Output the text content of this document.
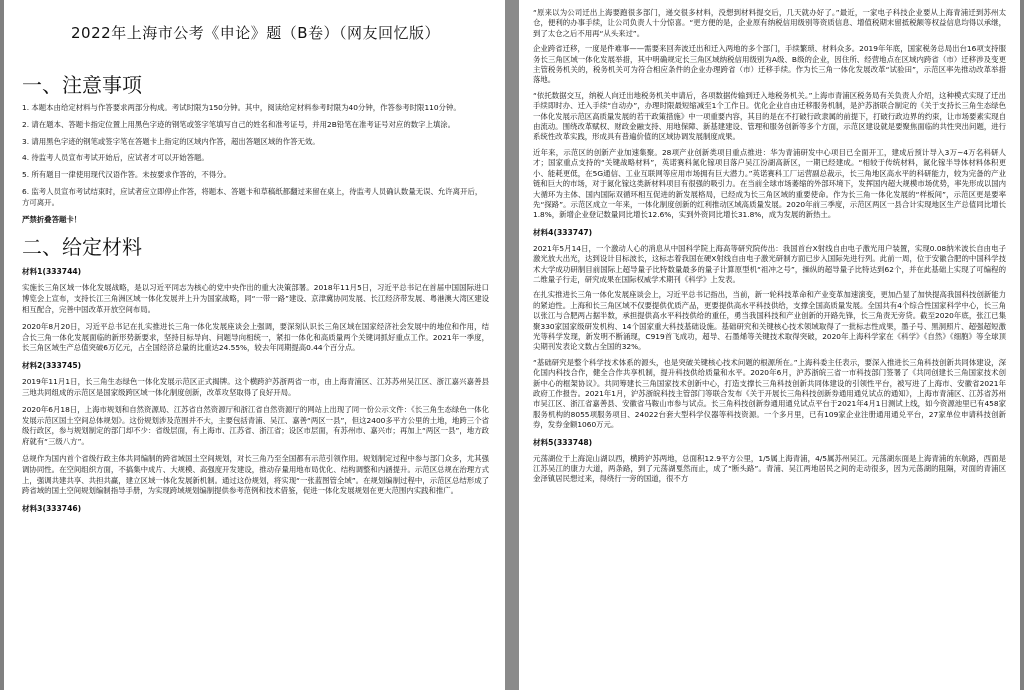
2022年上海市公考《申论》题（B卷）（网友回忆版）
一、注意事项
1. 本题本由给定材料与作答要求两部分构成。考试时限为150分钟。其中，阅读给定材料参考时限为40分钟，作答参考时限110分钟。
2. 请在题本、答题卡指定位置上用黑色字迹的钢笔或签字笔填写自己的姓名和准考证号，并用2B铅笔在准考证号对应的数字上填涂。
3. 请用黑色字迹的钢笔或签字笔在答题卡上指定的区域内作答，超出答题区域的作答无效。
4. 待监考人员宣布考试开始后，应试者才可以开始答题。
5. 所有题目一律使用现代汉语作答。未按要求作答的，不得分。
6. 监考人员宣布考试结束时，应试者应立即停止作答，将题本、答题卡和草稿纸都翻过来留在桌上，待监考人员确认数量无误、允许离开后，方可离开。
严禁折叠答题卡！
二、给定材料
材料1(333744)
实施长三角区域一体化发展战略，是以习近平同志为核心的党中央作出的重大决策部署。2018年11月5日，习近平总书记在首届中国国际进口博览会上宣布，支持长江三角洲区域一体化发展并上升为国家战略，同“一带一路”建设、京津冀协同发展、长江经济带发展、粤港澳大湾区建设相互配合，完善中国改革开放空间布局。
2020年8月20日，习近平总书记在扎实推进长三角一体化发展座谈会上强调，要深刻认识长三角区域在国家经济社会发展中的地位和作用，结合长三角一体化发展面临的新形势新要求，坚持目标导向、问题导向相统一，紧扣一体化和高质量两个关键词抓好重点工作。2021年一季度，长三角区域生产总值突破6万亿元，占全国经济总量的比重达24.55%，较去年同期提高0.44个百分点。
材料2(333745)
2019年11月1日，长三角生态绿色一体化发展示范区正式揭牌。这个横跨沪苏浙两省一市，由上海青浦区、江苏苏州吴江区、浙江嘉兴嘉善县三地共同组成的示范区是国家级跨区域一体化制度创新，改革攻坚取得了良好开局。
2020年6月18日，上海市规划和自然资源局、江苏省自然资源厅和浙江省自然资源厅的网站上出现了同一份公示文件：《长三角生态绿色一体化发展示范区国土空间总体规划》。这份规划涉及范围并不大，主要包括青浦、吴江、嘉善“两区一县”，但这2400多平方公里的土地，地跨三个省级行政区，参与规划制定的部门却不少：省级层面，有上海市、江苏省、浙江省；设区市层面，有苏州市、嘉兴市；再加上“两区一县”，地方政府就有“三级八方”。
总规作为国内首个省级行政主体共同编制的跨省域国土空间规划，对长三角乃至全国都有示范引领作用。规划制定过程中参与部门众多，尤其强调协同性。在空间组织方面，不搞集中成片、大规模、高强度开发建设，推动存量用地布局优化、结构调整和内涵提升。示范区总规在治理方式上，强调共建共享、共担共赢，建立区域一体化发展新机制。通过这份规划，将实现“一张蓝图管全域”。在规划编制过程中，示范区总结形成了跨省域的国土空间规划编制指导手册，为实现跨域规划编制提供参考范例和技术借鉴，促进一体化发展规划在更大范围内实践和推广。
材料3(333746)
“原来以为公司迁出上海要跑很多部门，递交很多材料，没想到材料提交后，几天就办好了。”最近，一家电子科技企业要从上海青浦迁到苏州太仓，便利的办事手续，让公司负责人十分惊喜。“更方便的是，企业原有纳税信用级别等资质信息、增值税期末留抵税额等权益信息均得以承继，到了太仓之后不用再“从头来过”。
企业跨省迁移，一度是件难事——需要来回奔波迁出和迁入两地的多个部门，手续繁琐、材料众多。2019年年底，国家税务总局出台16项支持服务长三角区域一体化发展举措，其中明确规定长三角区域纳税信用级别为A级、B级的企业，因住所、经营地点在区域内跨省（市）迁移涉及变更主管税务机关的，税务机关可为符合相应条件的企业办理跨省（市）迁移手续。作为长三角一体化发展改革“试验田”，示范区率先推动改革举措落地。
“依托数据交互，纳税人向迁出地税务机关申请后，各项数据传输到迁入地税务机关。”上海市青浦区税务局有关负责人介绍，这种模式实现了迁出手续即时办、迁入手续“自动办”，办理时限最短缩减至1个工作日。优化企业自由迁移服务机制，是沪苏浙联合制定的《关于支持长三角生态绿色一体化发展示范区高质量发展的若干政策措施》中一项重要内容，其目的是在不打破行政隶属的前提下，打破行政边界的约束，让市场要素实现自由流动。围绕改革赋权、财政金融支持、用地保障、新基建建设、管理和服务创新等多个方面，示范区建设就是要聚焦面临的共性突出问题，进行系统性改革实践，形成具有普遍价值的区域协调发展制度成果。
近年来，示范区的创新产业加速集聚。28项产业创新类项目重点推进：华为青浦研发中心项目已全面开工，建成后预计导入3万~4万名科研人才；国家重点支持的“关键战略材料”，英诺赛科氮化镓项目落户吴江汾湖高新区，一期已经建成。“相较于传统材料，氮化镓半导体材料体积更小、能耗更低，在5G通信、工业互联网等应用市场拥有巨大潜力。”英诺赛科工厂运营副总裁示，长三角地区高水平的科研能力，较为完备的产业链和巨大的市场，对于氮化镓这类新材料项目有很强的吸引力。在当前全球市场萎缩的外部环境下，发挥国内超大规模市场优势，率先形成以国内大循环为主体、国内国际双循环相互促进的新发展格局，已经成为长三角区域的重要使命。作为长三角一体化发展的“样板间”，示范区更是要率先“探路”。示范区成立一年来，一体化制度创新的红利推动区域高质量发展。2020年前三季度，示范区两区一县合计实现地区生产总值同比增长1.8%，新增企业登记数量同比增长12.6%，实到外资同比增长31.8%，成为发展的新热土。
材料4(333747)
2021年5月14日，一个激动人心的消息从中国科学院上海高等研究院传出：我国首台X射线自由电子激光用户装置，实现0.08纳米波长自由电子激光放大出光，达到设计目标波长，这标志着我国在硬X射线自由电子激光研制方面已步入国际先进行列。此前一周，位于安徽合肥的中国科学技术大学成功研制目前国际上超导量子比特数量最多的量子计算原型机“祖冲之号”，操纵的超导量子比特达到62个，并在此基础上实现了可编程的二维量子行走，研究成果在国际权威学术期刊《科学》上发表。
在扎实推进长三角一体化发展座谈会上，习近平总书记指出，当前，新一轮科技革命和产业变革加速演变，更加凸显了加快提高我国科技创新能力的紧迫性。上海和长三角区域不仅要提供优质产品，更要提供高水平科技供给，支撑全国高质量发展。全国共有4个综合性国家科学中心，长三角以张江与合肥两占据半数，承担提供高水平科技供给的重任，勇当我国科技和产业创新的开路先锋，长三角责无旁贷。截至2020年底，张江已集聚330家国家级研发机构、14个国家重大科技基础设施。基础研究和关键核心技术领域取得了一批标志性成果，墨子号、黑洞照片、超强超短激光等科学发现，新发明不断涌现，C919首飞成功，超导、石墨烯等关键技术取得突破，2020年上海科学家在《科学》《自然》《细胞》等全球顶尖期刊发表论文数占全国的32%。
“基础研究是整个科学技术体系的源头，也是突破关键核心技术问题的根源所在。”上海科委主任表示，要深入推进长三角科技创新共同体建设，深化国内科技合作，健全合作共享机制，提升科技供给质量和水平。2020年6月，沪苏浙皖三省一市科技部门签署了《共同创建长三角国家技术创新中心的框架协议》。共同筹建长三角国家技术创新中心，打造支撑长三角科技创新共同体建设的引领性平台，被写进了上海市、安徽省2021年政府工作报告。2021年1月，沪苏浙皖科技主管部门等联合发布《关于开展长三角科技创新券通用通兑试点的通知》，上海市青浦区、江苏省苏州市吴江区、浙江省嘉善县、安徽省马鞍山市参与试点。长三角科技创新券通用通兑试点平台于2021年4月1日测试上线，如今资源池里已有458家服务机构的8055项服务项目、24022台套大型科学仪器等科技资源。一个多月里，已有109家企业注册通用通兑平台，27家单位申请科技创新券，发券金额1060万元。
材料5(333748)
元荡湖位于上海淀山湖以西，横跨沪苏两地，总面积12.9平方公里，1/5属上海青浦，4/5属苏州吴江。元荡湖东面是上海青浦的东航路，西面是江苏吴江的康力大道，两条路，到了元荡湖戛然而止，成了“断头路”。青浦、吴江两地居民之间的走动很多，因为元荡湖的阻隔，对面的青浦区金泽镇居民想过来，得绕行一旁的国道，很不方
